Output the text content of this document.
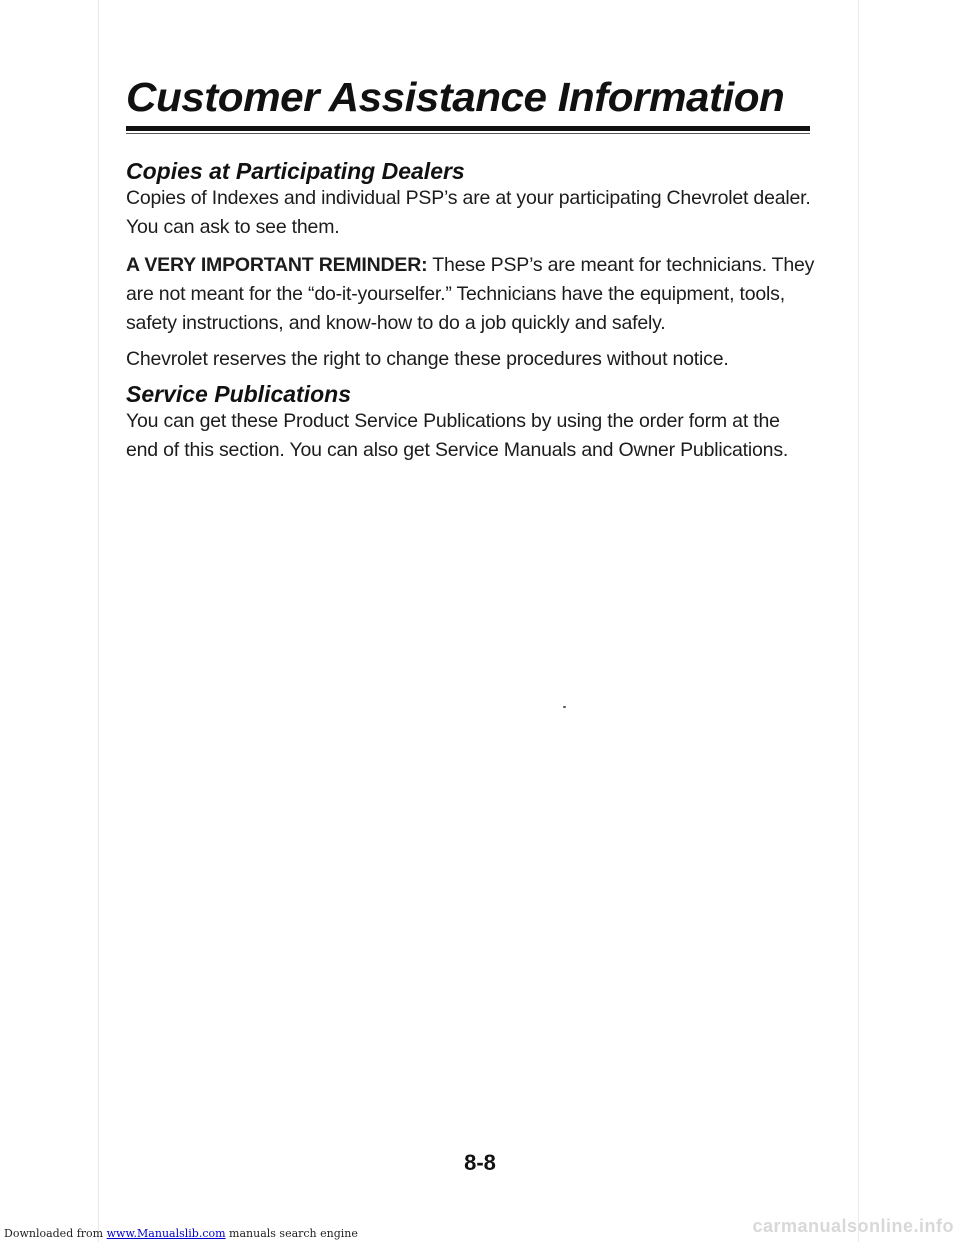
Customer Assistance Information
Copies at Participating Dealers
Copies of Indexes and individual PSP’s are at your participating Chevrolet dealer. You can ask to see them.
A VERY IMPORTANT REMINDER: These PSP’s are meant for technicians. They are not meant for the “do-it-yourselfer.” Technicians have the equipment, tools, safety instructions, and know-how to do a job quickly and safely.
Chevrolet reserves the right to change these procedures without notice.
Service Publications
You can get these Product Service Publications by using the order form at the end of this section. You can also get Service Manuals and Owner Publications.
8-8
Downloaded from www.Manualslib.com manuals search engine	carmanualsonline.info
